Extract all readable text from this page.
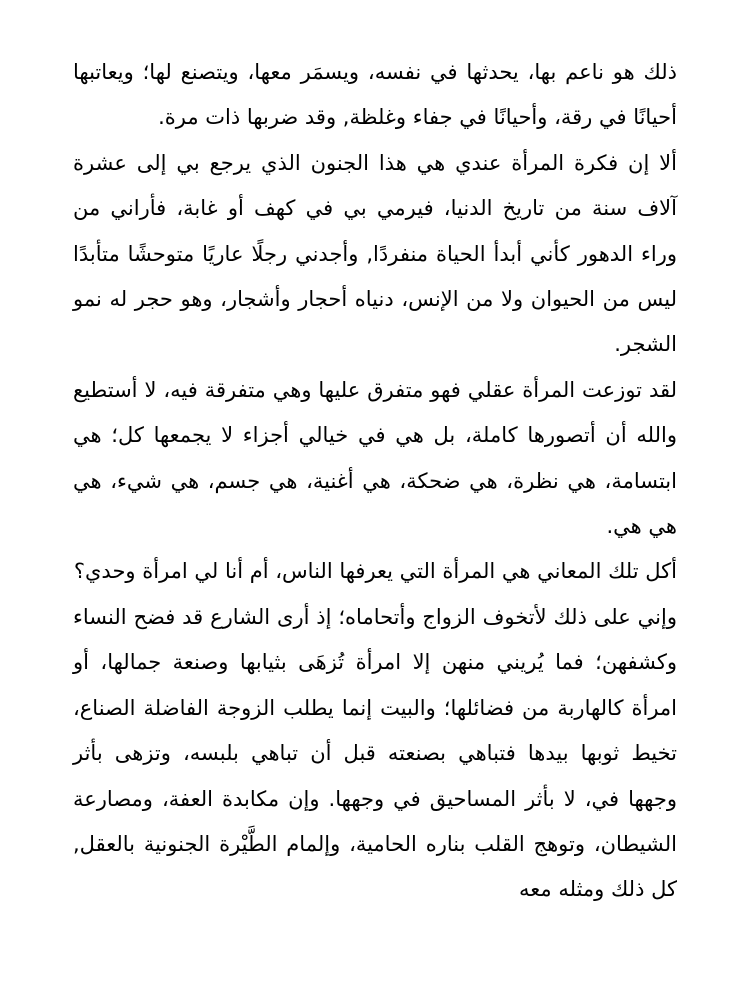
ذلك هو ناعم بها، يحدثها في نفسه، ويسمَر معها، ويتصنع لها؛ ويعاتبها أحيانًا في رقة، وأحيانًا في جفاء وغلظة, وقد ضربها ذات مرة.

ألا إن فكرة المرأة عندي هي هذا الجنون الذي يرجع بي إلى عشرة آلاف سنة من تاريخ الدنيا، فيرمي بي في كهف أو غابة، فأراني من وراء الدهور كأني أبدأ الحياة منفردًا, وأجدني رجلًا عاريًا متوحشًا متأبدًا ليس من الحيوان ولا من الإنس، دنياه أحجار وأشجار، وهو حجر له نمو الشجر.

لقد توزعت المرأة عقلي فهو متفرق عليها وهي متفرقة فيه، لا أستطيع والله أن أتصورها كاملة، بل هي في خيالي أجزاء لا يجمعها كل؛ هي ابتسامة، هي نظرة، هي ضحكة، هي أغنية، هي جسم، هي شيء، هي هي هي.

أكل تلك المعاني هي المرأة التي يعرفها الناس، أم أنا لي امرأة وحدي؟

وإني على ذلك لأتخوف الزواج وأتحاماه؛ إذ أرى الشارع قد فضح النساء وكشفهن؛ فما يُريني منهن إلا امرأة تُزهَى بثيابها وصنعة جمالها، أو امرأة كالهاربة من فضائلها؛ والبيت إنما يطلب الزوجة الفاضلة الصناع، تخيط ثوبها بيدها فتباهي بصنعته قبل أن تباهي بلبسه، وتزهى بأثر وجهها في، لا بأثر المساحيق في وجهها. وإن مكابدة العفة، ومصارعة الشيطان، وتوهج القلب بناره الحامية، وإلمام الطَّيْرة الجنونية بالعقل, كل ذلك ومثله معه
